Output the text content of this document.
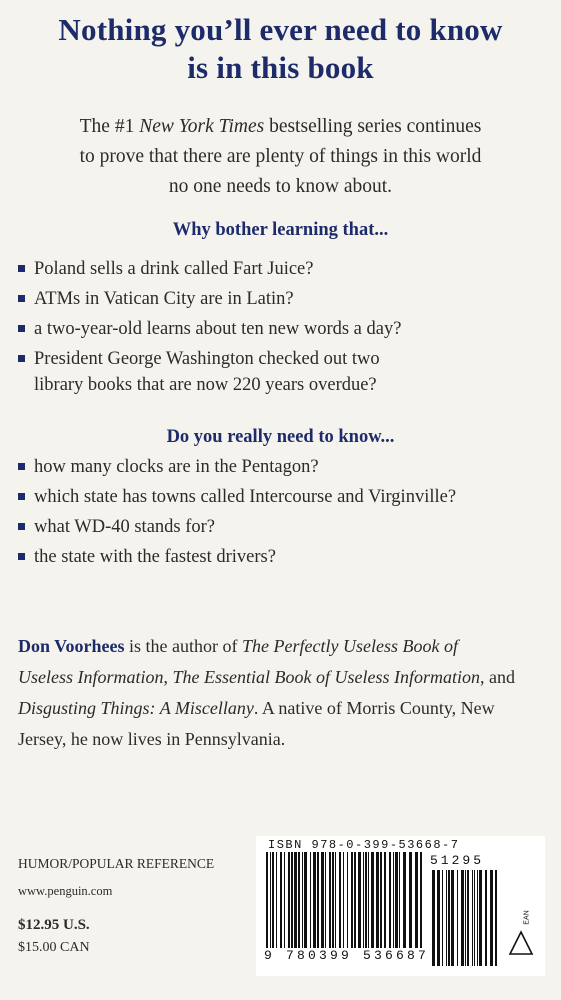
Nothing you’ll ever need to know
is in this book
The #1 New York Times bestselling series continues
to prove that there are plenty of things in this world
no one needs to know about.
Why bother learning that...
Poland sells a drink called Fart Juice?
ATMs in Vatican City are in Latin?
a two-year-old learns about ten new words a day?
President George Washington checked out two
library books that are now 220 years overdue?
Do you really need to know...
how many clocks are in the Pentagon?
which state has towns called Intercourse and Virginville?
what WD-40 stands for?
the state with the fastest drivers?
Don Voorhees is the author of The Perfectly Useless Book of
Useless Information, The Essential Book of Useless Information, and
Disgusting Things: A Miscellany. A native of Morris County, New
Jersey, he now lives in Pennsylvania.
HUMOR/POPULAR REFERENCE
www.penguin.com
$12.95 U.S.
$15.00 CAN
ISBN 978-0-399-53668-7
51295
9 780399 536687
EAN
